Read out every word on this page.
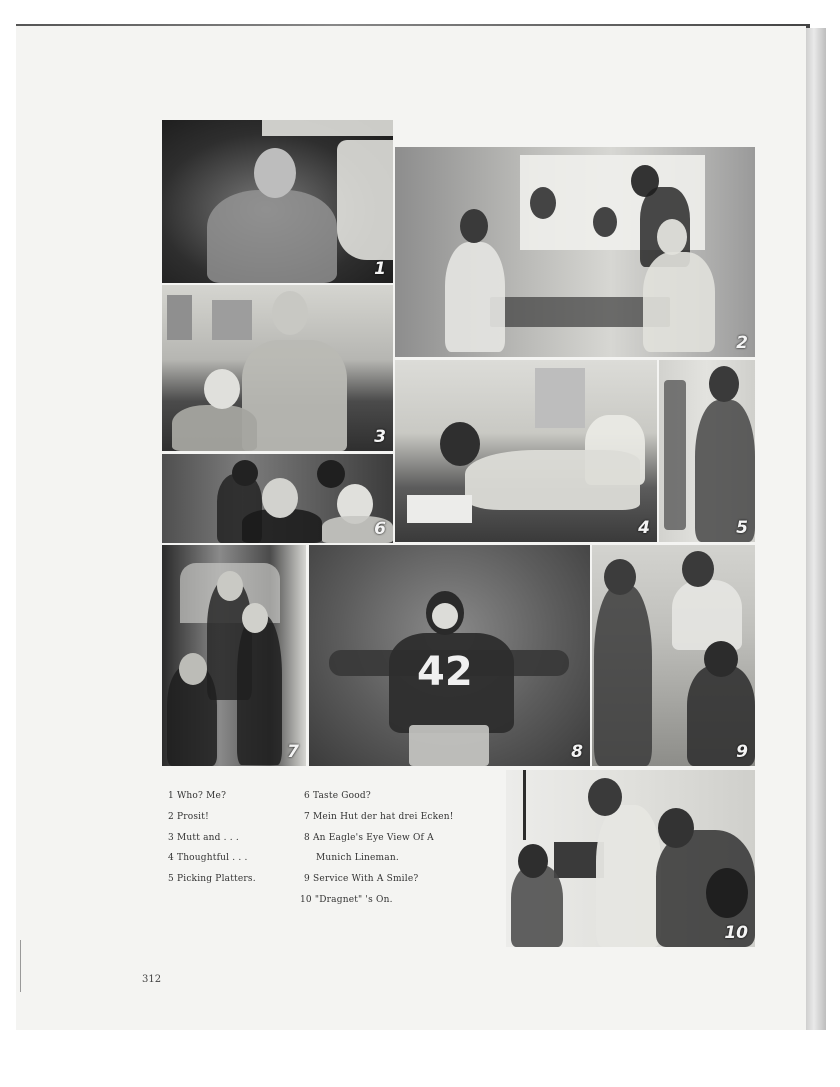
1
2
3
4	5
6
7
42
8	9
10
1 Who? Me?
2 Prosit!
3 Mutt and . . .
4 Thoughtful . . .
5 Picking Platters.
6 Taste Good?
7 Mein Hut der hat drei Ecken!
8 An Eagle's Eye View Of A
Munich Lineman.
9 Service With A Smile?
10 "Dragnet" 's On.
312
